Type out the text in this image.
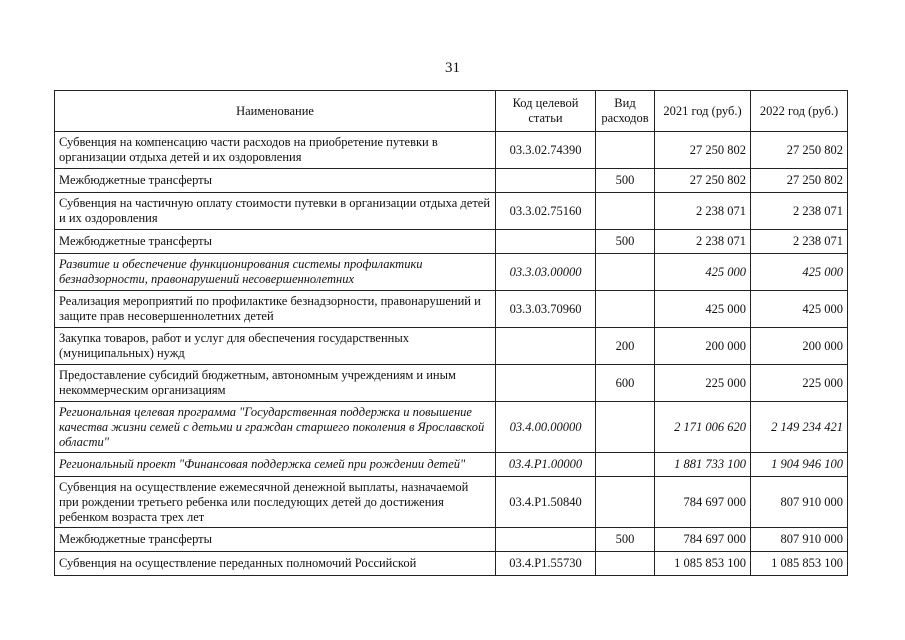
31
Наименование	Код целевой статьи	Вид расходов	2021 год (руб.)	2022 год (руб.)
Субвенция на компенсацию части расходов на приобретение путевки в организации отдыха детей и их оздоровления	03.3.02.74390		27 250 802	27 250 802
Межбюджетные трансферты		500	27 250 802	27 250 802
Субвенция на частичную оплату стоимости путевки в организации отдыха детей и их оздоровления	03.3.02.75160		2 238 071	2 238 071
Межбюджетные трансферты		500	2 238 071	2 238 071
Развитие и обеспечение функционирования системы профилактики безнадзорности, правонарушений несовершеннолетних	03.3.03.00000		425 000	425 000
Реализация мероприятий по профилактике безнадзорности, правонарушений и защите прав несовершеннолетних детей	03.3.03.70960		425 000	425 000
Закупка товаров, работ и услуг для обеспечения государственных (муниципальных) нужд		200	200 000	200 000
Предоставление субсидий бюджетным, автономным учреждениям и иным некоммерческим организациям		600	225 000	225 000
Региональная целевая программа "Государственная поддержка и повышение качества жизни семей с детьми и граждан старшего поколения в Ярославской области"	03.4.00.00000		2 171 006 620	2 149 234 421
Региональный проект "Финансовая поддержка семей при рождении детей"	03.4.P1.00000		1 881 733 100	1 904 946 100
Субвенция на осуществление ежемесячной денежной выплаты, назначаемой при рождении третьего ребенка или последующих детей до достижения ребенком возраста трех лет	03.4.P1.50840		784 697 000	807 910 000
Межбюджетные трансферты		500	784 697 000	807 910 000
Субвенция на осуществление переданных полномочий Российской	03.4.P1.55730		1 085 853 100	1 085 853 100
